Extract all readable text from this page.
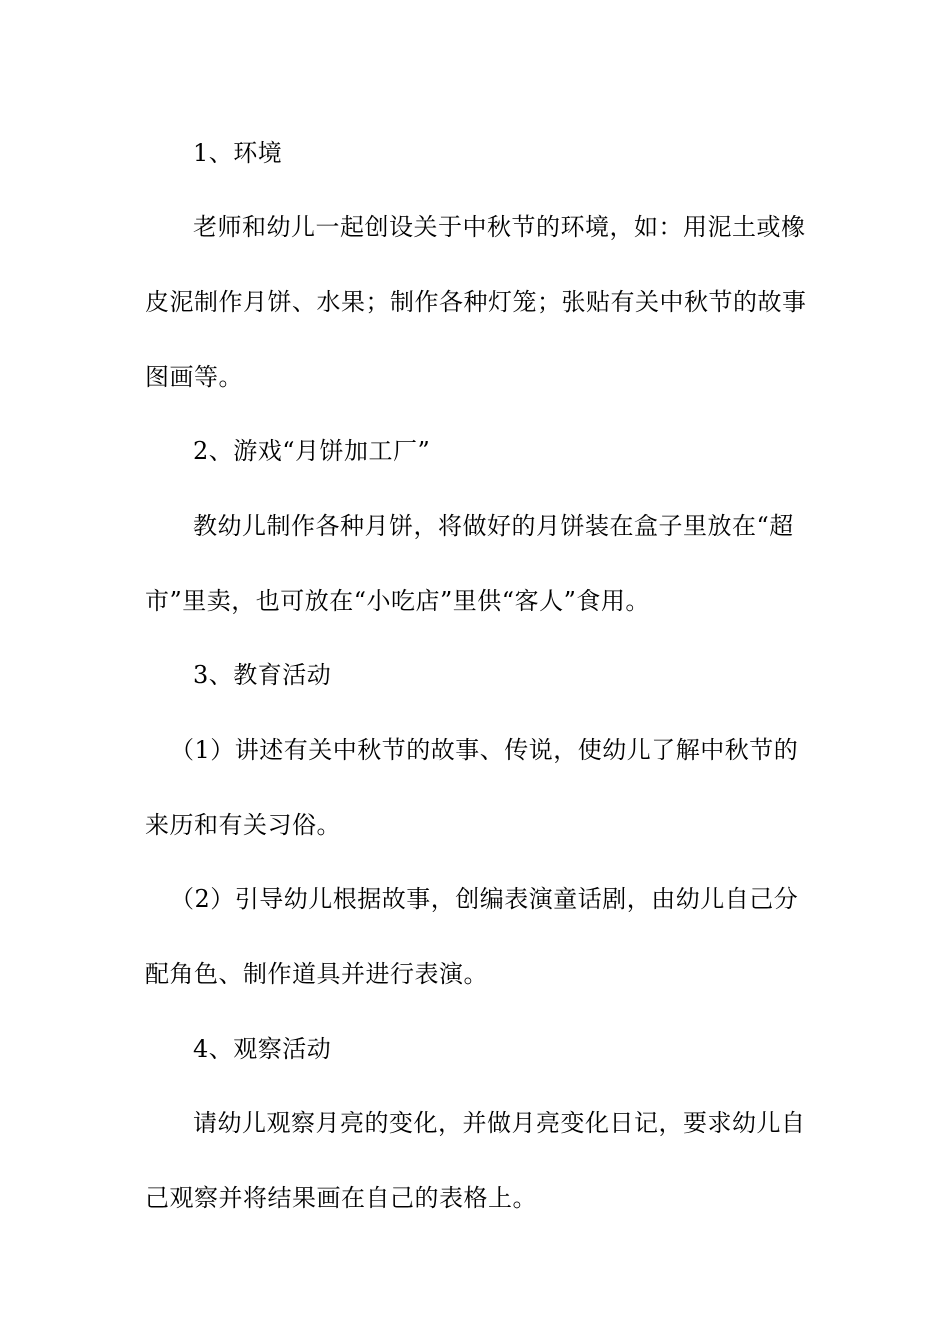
1、环境
老师和幼儿一起创设关于中秋节的环境，如：用泥土或橡
皮泥制作月饼、水果；制作各种灯笼；张贴有关中秋节的故事
图画等。
2、游戏“月饼加工厂”
教幼儿制作各种月饼，将做好的月饼装在盒子里放在“超
市”里卖，也可放在“小吃店”里供“客人”食用。
3、教育活动
（1）讲述有关中秋节的故事、传说，使幼儿了解中秋节的
来历和有关习俗。
（2）引导幼儿根据故事，创编表演童话剧，由幼儿自己分
配角色、制作道具并进行表演。
4、观察活动
请幼儿观察月亮的变化，并做月亮变化日记，要求幼儿自
己观察并将结果画在自己的表格上。
